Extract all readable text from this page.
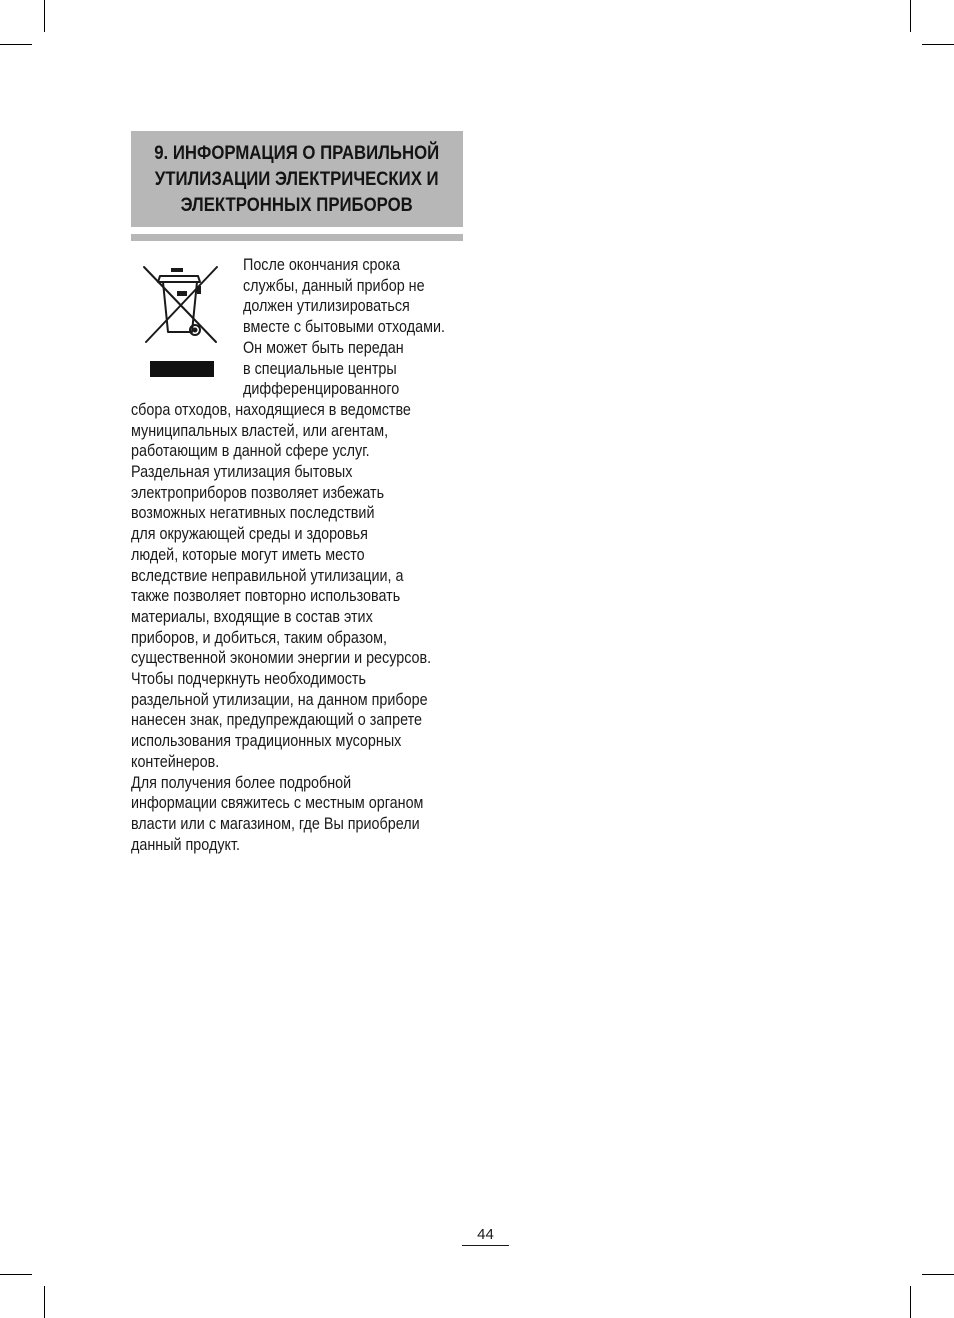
9. ИНФОРМАЦИЯ О ПРАВИЛЬНОЙ
УТИЛИЗАЦИИ ЭЛЕКТРИЧЕСКИХ И
ЭЛЕКТРОННЫХ ПРИБОРОВ

После окончания срока
службы, данный прибор не
должен утилизироваться
вместе с бытовыми отходами.
Он может быть передан
в специальные центры
дифференцированного
сбора отходов, находящиеся в ведомстве
муниципальных властей, или агентам,
работающим в данной сфере услуг.
Раздельная утилизация бытовых
электроприборов позволяет избежать
возможных негативных последствий
для окружающей среды и здоровья
людей, которые могут иметь место
вследствие неправильной утилизации, а
также позволяет повторно использовать
материалы, входящие в состав этих
приборов, и добиться, таким образом,
существенной экономии энергии и ресурсов.
Чтобы подчеркнуть необходимость
раздельной утилизации, на данном приборе
нанесен знак, предупреждающий о запрете
использования традиционных мусорных
контейнеров.
Для получения более подробной
информации свяжитесь с местным органом
власти или с магазином, где Вы приобрели
данный продукт.
44
